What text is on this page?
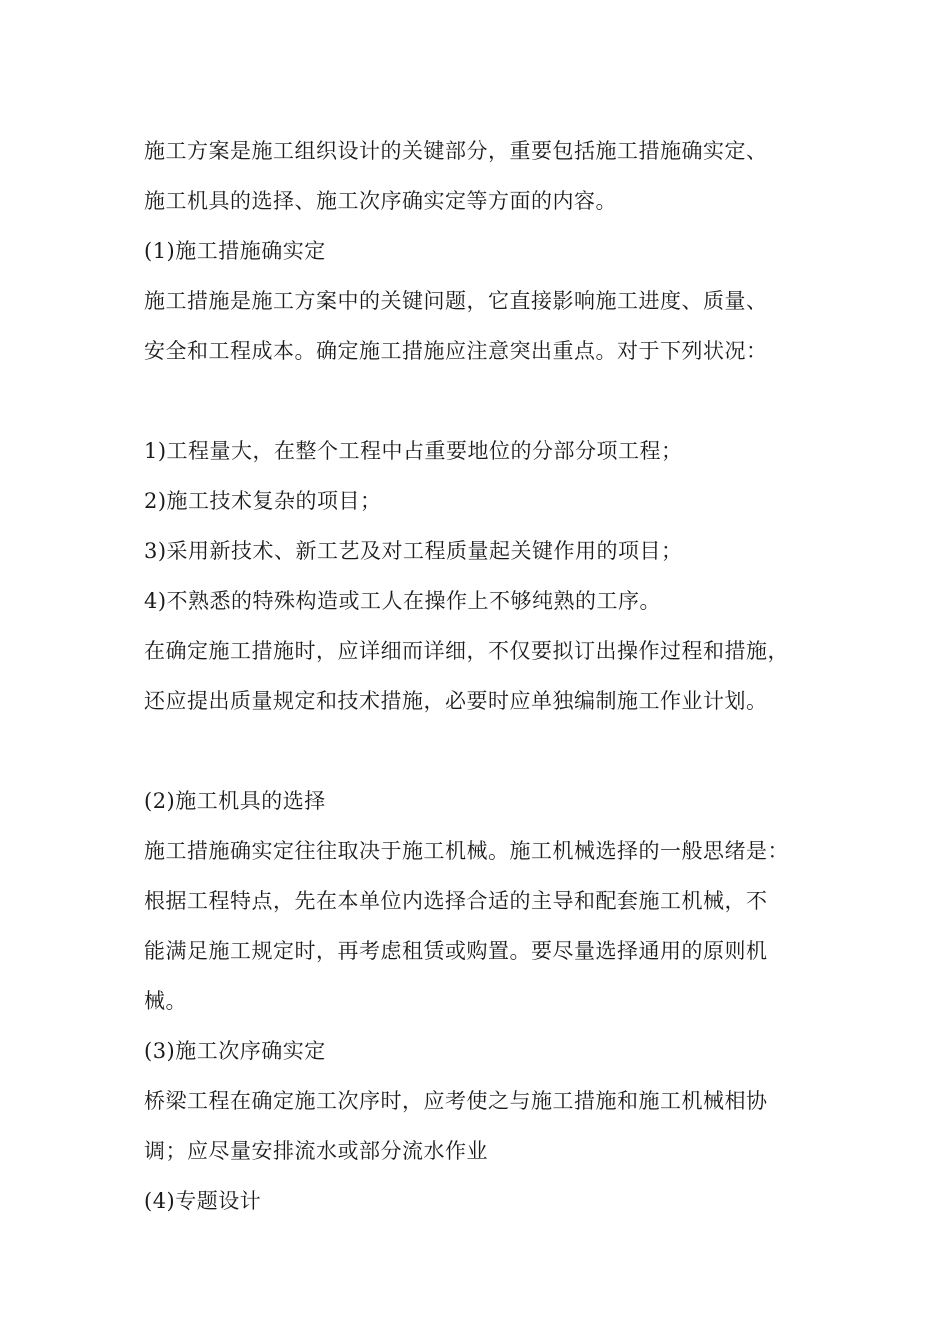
施工方案是施工组织设计的关键部分，重要包括施工措施确实定、

施工机具的选择、施工次序确实定等方面的内容。

(1)施工措施确实定

施工措施是施工方案中的关键问题，它直接影响施工进度、质量、

安全和工程成本。确定施工措施应注意突出重点。对于下列状况：

1)工程量大，在整个工程中占重要地位的分部分项工程；

2)施工技术复杂的项目；

3)采用新技术、新工艺及对工程质量起关键作用的项目；

4)不熟悉的特殊构造或工人在操作上不够纯熟的工序。

在确定施工措施时，应详细而详细，不仅要拟订出操作过程和措施，

还应提出质量规定和技术措施，必要时应单独编制施工作业计划。

(2)施工机具的选择

施工措施确实定往往取决于施工机械。施工机械选择的一般思绪是：

根据工程特点，先在本单位内选择合适的主导和配套施工机械，不

能满足施工规定时，再考虑租赁或购置。要尽量选择通用的原则机

械。

(3)施工次序确实定

桥梁工程在确定施工次序时，应考使之与施工措施和施工机械相协

调；应尽量安排流水或部分流水作业

(4)专题设计
